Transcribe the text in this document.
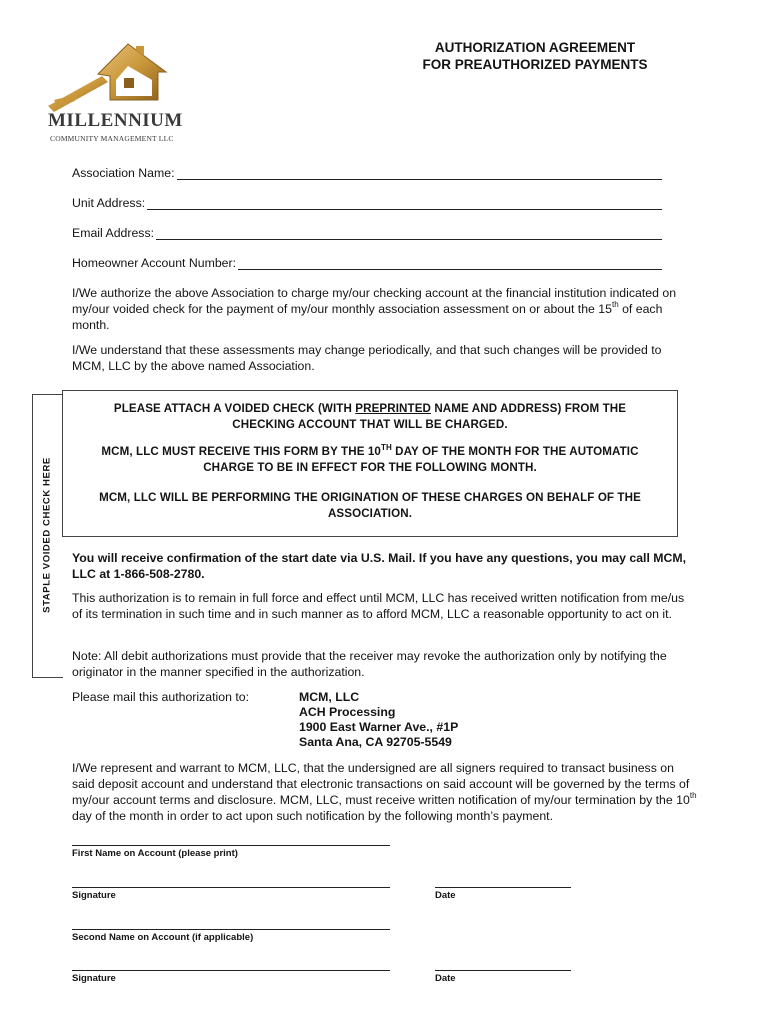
AUTHORIZATION AGREEMENT
FOR PREAUTHORIZED PAYMENTS
MILLENNIUM
COMMUNITY MANAGEMENT LLC
Association Name:
Unit Address:
Email Address:
Homeowner Account Number:
I/We authorize the above Association to charge my/our checking account at the financial institution indicated on my/our voided check for the payment of my/our monthly association assessment on or about the 15th of each month.
I/We understand that these assessments may change periodically, and that such changes will be provided to MCM, LLC by the above named Association.
STAPLE VOIDED CHECK HERE
PLEASE ATTACH A VOIDED CHECK (WITH PREPRINTED NAME AND ADDRESS) FROM THE
CHECKING ACCOUNT THAT WILL BE CHARGED.
MCM, LLC MUST RECEIVE THIS FORM BY THE 10TH DAY OF THE MONTH FOR THE AUTOMATIC
CHARGE TO BE IN EFFECT FOR THE FOLLOWING MONTH.
MCM, LLC WILL BE PERFORMING THE ORIGINATION OF THESE CHARGES ON BEHALF OF THE
ASSOCIATION.
You will receive confirmation of the start date via U.S. Mail. If you have any questions, you may call MCM, LLC at 1-866-508-2780.
This authorization is to remain in full force and effect until MCM, LLC has received written notification from me/us of its termination in such time and in such manner as to afford MCM, LLC a reasonable opportunity to act on it.
Note: All debit authorizations must provide that the receiver may revoke the authorization only by notifying the originator in the manner specified in the authorization.
Please mail this authorization to:	MCM, LLC
ACH Processing
1900 East Warner Ave., #1P
Santa Ana, CA 92705-5549
I/We represent and warrant to MCM, LLC, that the undersigned are all signers required to transact business on said deposit account and understand that electronic transactions on said account will be governed by the terms of my/our account terms and disclosure. MCM, LLC, must receive written notification of my/our termination by the 10th day of the month in order to act upon such notification by the following month’s payment.
First Name on Account (please print)
Signature	Date
Second Name on Account (if applicable)
Signature	Date
